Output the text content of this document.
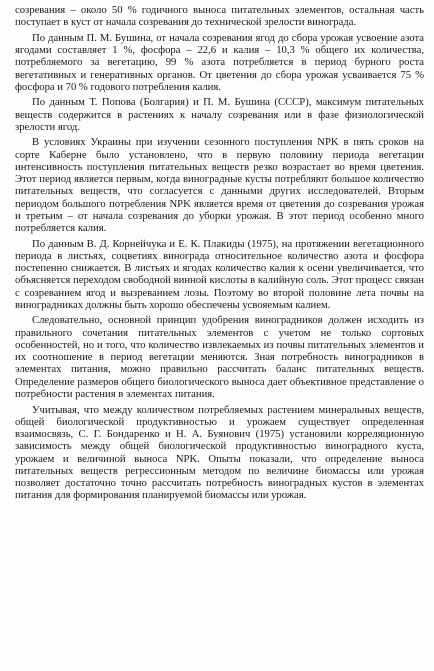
созревания – около 50 % годичного выноса питательных элементов, остальная часть поступает в куст от начала созревания до технической зрелости винограда.

По данным П. М. Бушина, от начала созревания ягод до сбора урожая усвоение азота ягодами составляет 1 %, фосфора – 22,6 и калия – 10,3 % общего их количества, потребляемого за вегетацию, 99 % азота потребляется в период бурного роста вегетативных и генеративных органов. От цветения до сбора урожая усваивается 75 % фосфора и 70 % годового потребления калия.

По данным Т. Попова (Болгария) и П. М. Бушина (СССР), максимум питательных веществ содержится в растениях к началу созревания или в фазе физиологической зрелости ягод.

В условиях Украины при изучении сезонного поступления NPK в пять сроков на сорте Каберне было установлено, что в первую половину периода вегетации интенсивность поступления питательных веществ резко возрастает во время цветения. Этот период является первым, когда виноградные кусты потребляют большое количество питательных веществ, что согласуется с данными других исследователей. Вторым периодом большого потребления NPK является время от цветения до созревания урожая и третьим – от начала созревания до уборки урожая. В этот период особенно много потребляется калия.

По данным В. Д. Корнейчука и Е. К. Плакиды (1975), на протяжении вегетационного периода в листьях, соцветиях винограда относительное количество азота и фосфора постепенно снижается. В листьях и ягодах количество калия к осени увеличивается, что объясняется переходом свободной винной кислоты в калийную соль. Этот процесс связан с созреванием ягод и вызреванием лозы. Поэтому во второй половине лета почвы на виноградниках должны быть хорошо обеспечены усвояемым калием.

Следовательно, основной принцип удобрения виноградников должен исходить из правильного сочетания питательных элементов с учетом не только сортовых особенностей, но и того, что количество извлекаемых из почвы питательных элементов и их соотношение в период вегетации меняются. Зная потребность виноградников в элементах питания, можно правильно рассчитать баланс питательных веществ. Определение размеров общего биологического выноса дает объективное представление о потребности растения в элементах питания.

Учитывая, что между количеством потребляемых растением минеральных веществ, общей биологической продуктивностью и урожаем существует определенная взаимосвязь, С. Г. Бондаренко и Н. А. Буянович (1975) установили корреляционную зависимость между общей биологической продуктивностью виноградного куста, урожаем и величиной выноса NPK. Опыты показали, что определение выноса питательных веществ регрессионным методом по величине биомассы или урожая позволяет достаточно точно рассчитать потребность виноградных кустов в элементах питания для формирования планируемой биомассы или урожая.
